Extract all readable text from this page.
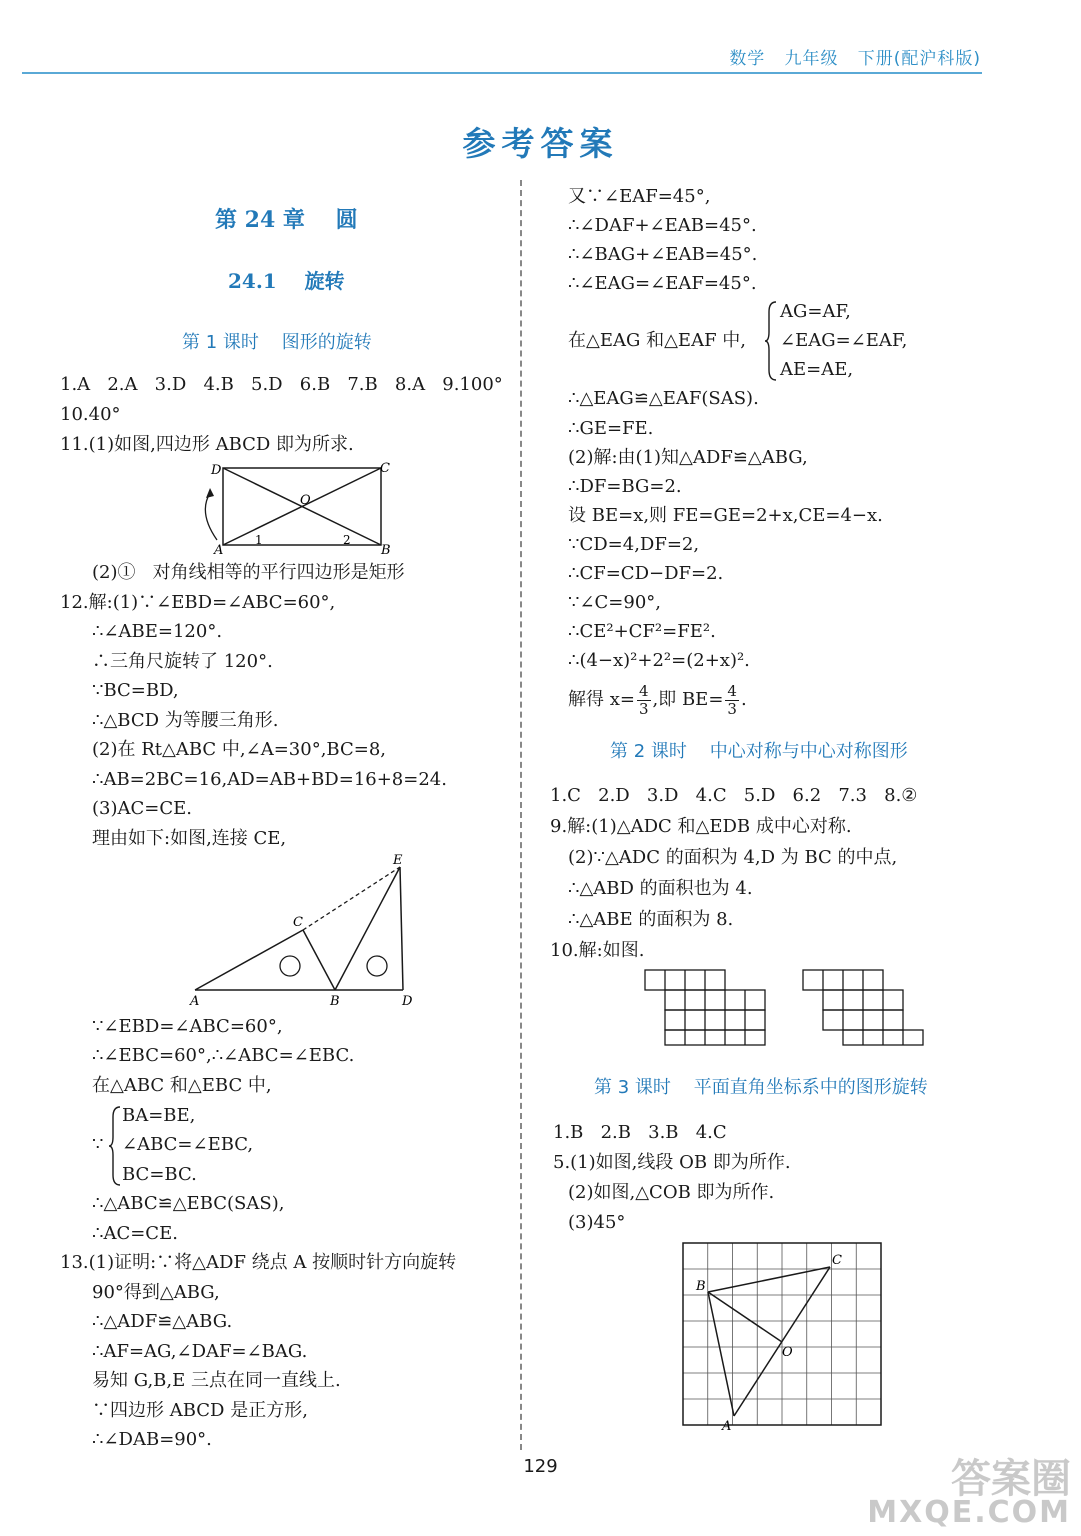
数学   九年级   下册(配沪科版)
参考答案
第 24 章    圆
24.1    旋转
第 1 课时    图形的旋转
1.A   2.A   3.D   4.B   5.D   6.B   7.B   8.A   9.100°
10.40°
11.(1)如图,四边形 ABCD 即为所求.
D	C
O
A	B
1	2
(2)①   对角线相等的平行四边形是矩形
12.解:(1)∵∠EBD=∠ABC=60°,
∴∠ABE=120°.
∴三角尺旋转了 120°.
∵BC=BD,
∴△BCD 为等腰三角形.
(2)在 Rt△ABC 中,∠A=30°,BC=8,
∴AB=2BC=16,AD=AB+BD=16+8=24.
(3)AC=CE.
理由如下:如图,连接 CE,
E
C
A	B	D
∵∠EBD=∠ABC=60°,
∴∠EBC=60°,∴∠ABC=∠EBC.
在△ABC 和△EBC 中,
∵
BA=BE,
∠ABC=∠EBC,
BC=BC.
∴△ABC≌△EBC(SAS),
∴AC=CE.
13.(1)证明:∵将△ADF 绕点 A 按顺时针方向旋转
90°得到△ABG,
∴△ADF≌△ABG.
∴AF=AG,∠DAF=∠BAG.
易知 G,B,E 三点在同一直线上.
∵四边形 ABCD 是正方形,
∴∠DAB=90°.
又∵∠EAF=45°,
∴∠DAF+∠EAB=45°.
∴∠BAG+∠EAB=45°.
∴∠EAG=∠EAF=45°.
在△EAG 和△EAF 中,
AG=AF,
∠EAG=∠EAF,
AE=AE,
∴△EAG≌△EAF(SAS).
∴GE=FE.
(2)解:由(1)知△ADF≌△ABG,
∴DF=BG=2.
设 BE=x,则 FE=GE=2+x,CE=4−x.
∵CD=4,DF=2,
∴CF=CD−DF=2.
∵∠C=90°,
∴CE²+CF²=FE².
∴(4−x)²+2²=(2+x)².
解得 $x= \frac{4}{3}$ ,即 $BE= \frac{4}{3}$ .
第 2 课时    中心对称与中心对称图形
1.C   2.D   3.D   4.C   5.D   6.2   7.3   8.②
9.解:(1)△ADC 和△EDB 成中心对称.
(2)∵△ADC 的面积为 4,D 为 BC 的中点,
∴△ABD 的面积也为 4.
∴△ABE 的面积为 8.
10.解:如图.
第 3 课时    平面直角坐标系中的图形旋转
1.B   2.B   3.B   4.C
5.(1)如图,线段 OB 即为所作.
(2)如图,△COB 即为所作.
(3)45°
C
B
O
A
129	答案圈
MXQE.COM
